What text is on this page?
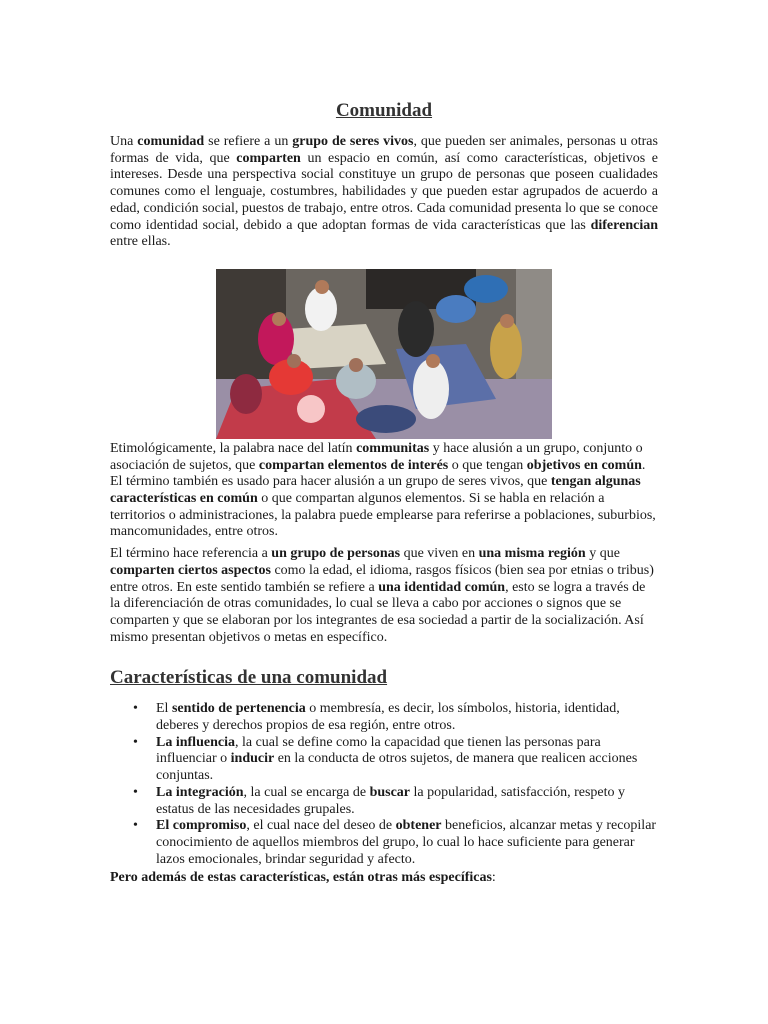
Comunidad

Una comunidad se refiere a un grupo de seres vivos, que pueden ser animales, personas u otras formas de vida, que comparten un espacio en común, así como características, objetivos e intereses. Desde una perspectiva social constituye un grupo de personas que poseen cualidades comunes como el lenguaje, costumbres, habilidades y que pueden estar agrupados de acuerdo a edad, condición social, puestos de trabajo, entre otros. Cada comunidad presenta lo que se conoce como identidad social, debido a que adoptan formas de vida características que las diferencian entre ellas.

Etimológicamente, la palabra nace del latín communitas y hace alusión a un grupo, conjunto o asociación de sujetos, que compartan elementos de interés o que tengan objetivos en común. El término también es usado para hacer alusión a un grupo de seres vivos, que tengan algunas características en común o que compartan algunos elementos. Si se habla en relación a territorios o administraciones, la palabra puede emplearse para referirse a poblaciones, suburbios, mancomunidades, entre otros.

El término hace referencia a un grupo de personas que viven en una misma región y que comparten ciertos aspectos como la edad, el idioma, rasgos físicos (bien sea por etnias o tribus) entre otros. En este sentido también se refiere a una identidad común, esto se logra a través de la diferenciación de otras comunidades, lo cual se lleva a cabo por acciones o signos que se comparten y que se elaboran por los integrantes de esa sociedad a partir de la socialización. Así mismo presentan objetivos o metas en específico.

Características de una comunidad
• El sentido de pertenencia o membresía, es decir, los símbolos, historia, identidad, deberes y derechos propios de esa región, entre otros.
• La influencia, la cual se define como la capacidad que tienen las personas para influenciar o inducir en la conducta de otros sujetos, de manera que realicen acciones conjuntas.
• La integración, la cual se encarga de buscar la popularidad, satisfacción, respeto y estatus de las necesidades grupales.
• El compromiso, el cual nace del deseo de obtener beneficios, alcanzar metas y recopilar conocimiento de aquellos miembros del grupo, lo cual lo hace suficiente para generar lazos emocionales, brindar seguridad y afecto.

Pero además de estas características, están otras más específicas:
